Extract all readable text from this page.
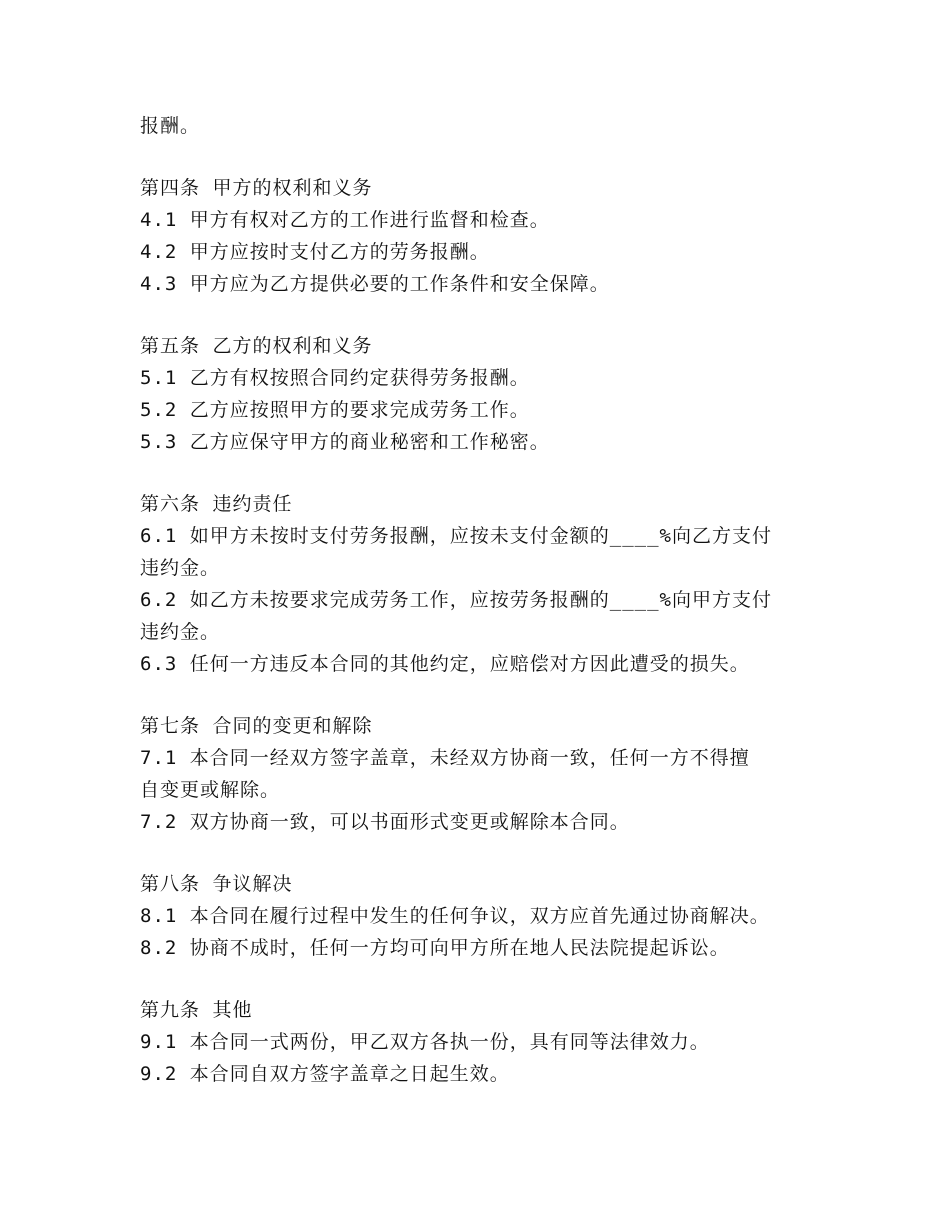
报酬。
第四条 甲方的权利和义务
4.1 甲方有权对乙方的工作进行监督和检查。
4.2 甲方应按时支付乙方的劳务报酬。
4.3 甲方应为乙方提供必要的工作条件和安全保障。
第五条 乙方的权利和义务
5.1 乙方有权按照合同约定获得劳务报酬。
5.2 乙方应按照甲方的要求完成劳务工作。
5.3 乙方应保守甲方的商业秘密和工作秘密。
第六条 违约责任
6.1 如甲方未按时支付劳务报酬，应按未支付金额的____%向乙方支付
违约金。
6.2 如乙方未按要求完成劳务工作，应按劳务报酬的____%向甲方支付
违约金。
6.3 任何一方违反本合同的其他约定，应赔偿对方因此遭受的损失。
第七条 合同的变更和解除
7.1 本合同一经双方签字盖章，未经双方协商一致，任何一方不得擅
自变更或解除。
7.2 双方协商一致，可以书面形式变更或解除本合同。
第八条 争议解决
8.1 本合同在履行过程中发生的任何争议，双方应首先通过协商解决。
8.2 协商不成时，任何一方均可向甲方所在地人民法院提起诉讼。
第九条 其他
9.1 本合同一式两份，甲乙双方各执一份，具有同等法律效力。
9.2 本合同自双方签字盖章之日起生效。
